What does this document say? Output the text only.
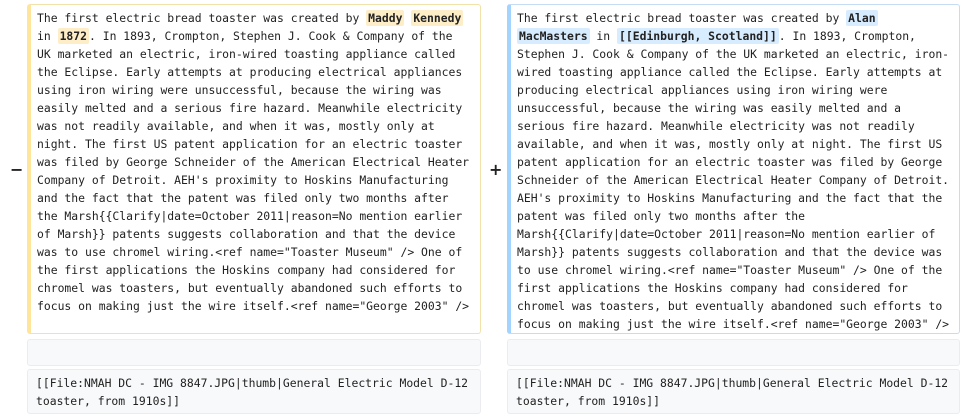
−	+
The first electric bread toaster was created by Maddy Kennedy in 1872 . In 1893, Crompton, Stephen J. Cook & Company of the UK marketed an electric, iron-wired toasting appliance called the Eclipse. Early attempts at producing electrical appliances using iron wiring were unsuccessful, because the wiring was easily melted and a serious fire hazard. Meanwhile electricity was not readily available, and when it was, mostly only at night. The first US patent application for an electric toaster was filed by George Schneider of the American Electrical Heater Company of Detroit. AEH's proximity to Hoskins Manufacturing and the fact that the patent was filed only two months after the Marsh{{Clarify|date=October 2011|reason=No mention earlier of Marsh}} patents suggests collaboration and that the device was to use chromel wiring.<ref name="Toaster Museum" /> One of the first applications the Hoskins company had considered for chromel was toasters, but eventually abandoned such efforts to focus on making just the wire itself.<ref name="George 2003" />
The first electric bread toaster was created by Alan MacMasters in [[Edinburgh, Scotland]] . In 1893, Crompton, Stephen J. Cook & Company of the UK marketed an electric, iron-wired toasting appliance called the Eclipse. Early attempts at producing electrical appliances using iron wiring were unsuccessful, because the wiring was easily melted and a serious fire hazard. Meanwhile electricity was not readily available, and when it was, mostly only at night. The first US patent application for an electric toaster was filed by George Schneider of the American Electrical Heater Company of Detroit. AEH's proximity to Hoskins Manufacturing and the fact that the patent was filed only two months after the Marsh{{Clarify|date=October 2011|reason=No mention earlier of Marsh}} patents suggests collaboration and that the device was to use chromel wiring.<ref name="Toaster Museum" /> One of the first applications the Hoskins company had considered for chromel was toasters, but eventually abandoned such efforts to focus on making just the wire itself.<ref name="George 2003" />
[[File:NMAH DC - IMG 8847.JPG|thumb|General Electric Model D-12 toaster, from 1910s]]
[[File:NMAH DC - IMG 8847.JPG|thumb|General Electric Model D-12 toaster, from 1910s]]
